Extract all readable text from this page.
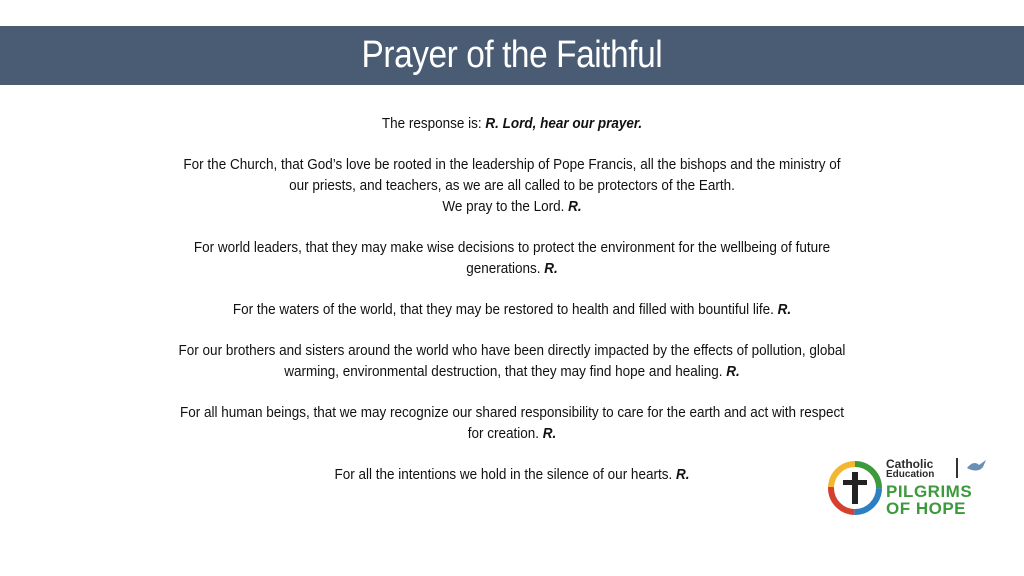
Prayer of the Faithful

The response is: R. Lord, hear our prayer.

For the Church, that God’s love be rooted in the leadership of Pope Francis, all the bishops and the ministry of our priests, and teachers, as we are all called to be protectors of the Earth.
We pray to the Lord. R.

For world leaders, that they may make wise decisions to protect the environment for the wellbeing of future generations. R.

For the waters of the world, that they may be restored to health and filled with bountiful life. R.

For our brothers and sisters around the world who have been directly impacted by the effects of pollution, global warming, environmental destruction, that they may find hope and healing. R.

For all human beings, that we may recognize our shared responsibility to care for the earth and act with respect for creation. R.

For all the intentions we hold in the silence of our hearts. R.

Catholic
Education
PILGRIMS
OF HOPE
